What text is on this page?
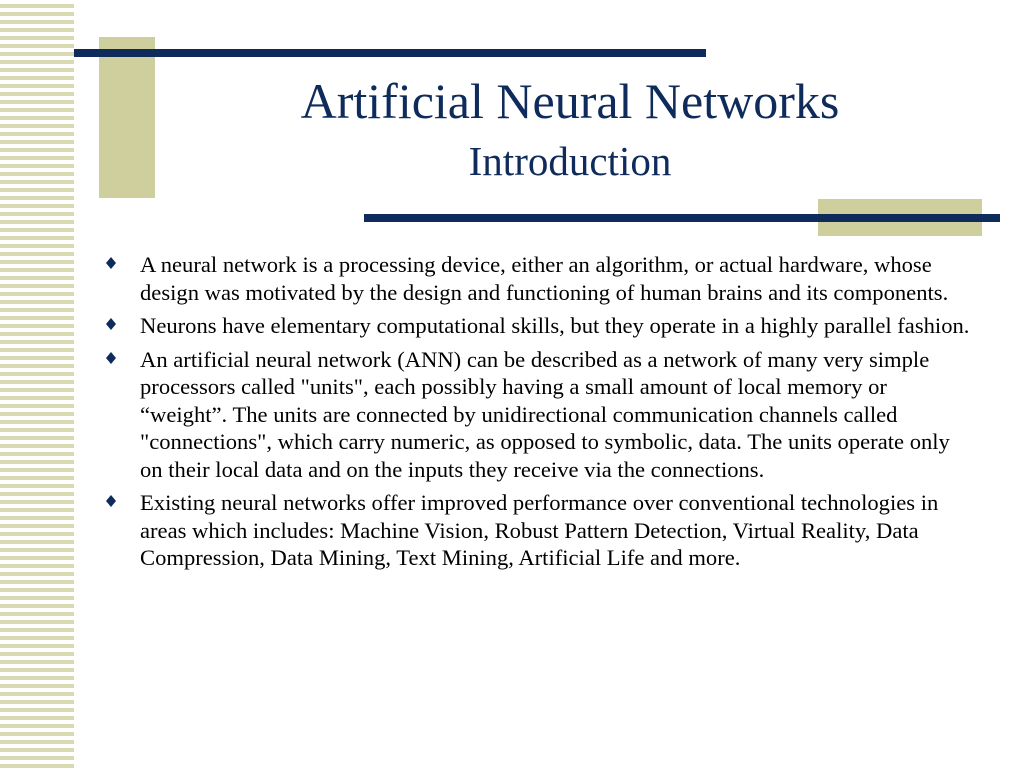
Artificial Neural Networks
Introduction
A neural network is a processing device, either an algorithm, or actual hardware, whose design was motivated by the design and functioning of human brains and its components.
Neurons have elementary computational skills, but they operate in a highly parallel fashion.
An artificial neural network (ANN) can be described as a network of many very simple processors called "units", each possibly having a small amount of local memory or “weight”. The units are connected by unidirectional communication channels called "connections", which carry numeric, as opposed to symbolic, data. The units operate only on their local data and on the inputs they receive via the connections.
Existing neural networks offer improved performance over conventional technologies in areas which includes: Machine Vision, Robust Pattern Detection, Virtual Reality, Data Compression, Data Mining, Text Mining, Artificial Life and more.
